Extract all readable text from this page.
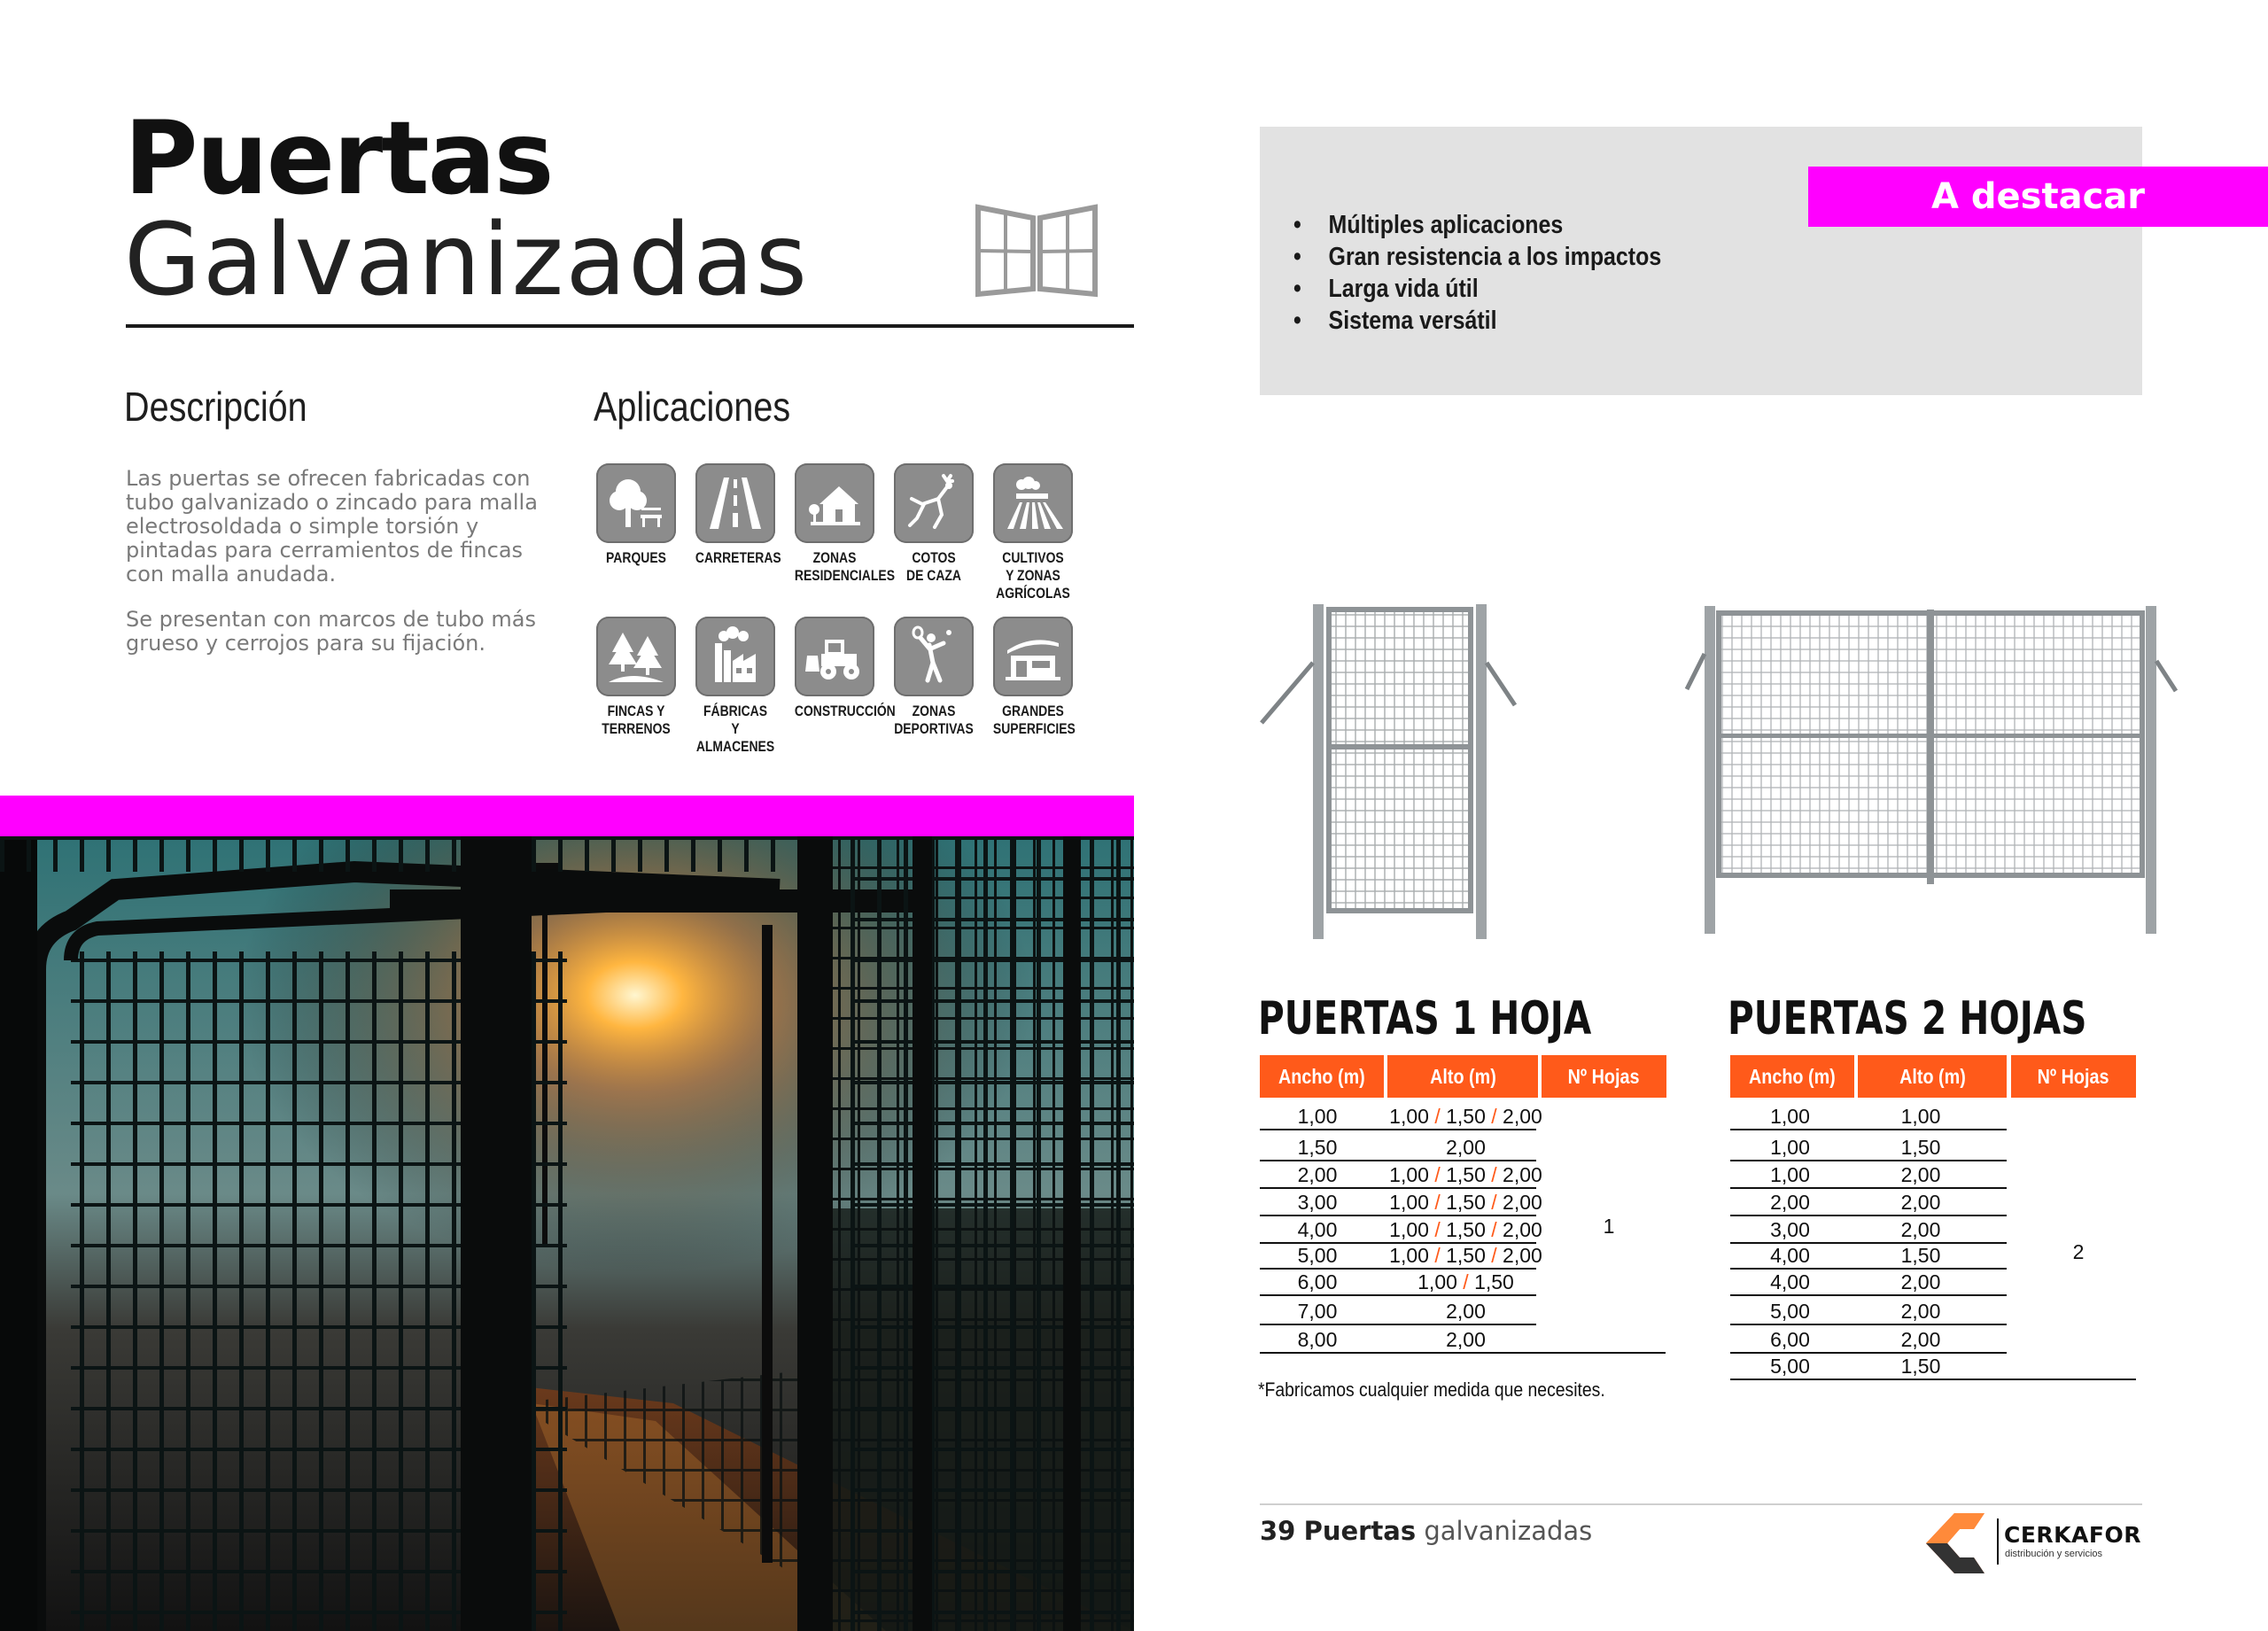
Puertas
Galvanizadas
Descripción	Aplicaciones
Las puertas se ofrecen fabricadas con tubo galvanizado o zincado para malla electrosoldada o simple torsión y pintadas para cerramientos de fincas con malla anudada.
Se presentan con marcos de tubo más grueso y cerrojos para su fijación.
PARQUES	CARRETERAS	ZONAS
RESIDENCIALES
COTOS
DE CAZA
CULTIVOS
Y ZONAS
AGRÍCOLAS
FINCAS Y
TERRENOS
FÁBRICAS
Y ALMACENES
CONSTRUCCIÓN	ZONAS
DEPORTIVAS
GRANDES
SUPERFICIES
A destacar
• Múltiples aplicaciones
• Gran resistencia a los impactos
• Larga vida útil
• Sistema versátil
PUERTAS 1 HOJA
Ancho (m)	Alto (m)	Nº Hojas
1,00	1,00 / 1,50 / 2,00
1,50	2,00
2,00	1,00 / 1,50 / 2,00
3,00	1,00 / 1,50 / 2,00
4,00	1,00 / 1,50 / 2,00
5,00	1,00 / 1,50 / 2,00
6,00	1,00 / 1,50
7,00	2,00
8,00	2,00
1
PUERTAS 2 HOJAS
Ancho (m)	Alto (m)	Nº Hojas
1,00	1,00
1,00	1,50
1,00	2,00
2,00	2,00
3,00	2,00
4,00	1,50
4,00	2,00
5,00	2,00
6,00	2,00
5,00	1,50
2
*Fabricamos cualquier medida que necesites.
39 Puertas galvanizadas	CERKAFOR
distribución y servicios
